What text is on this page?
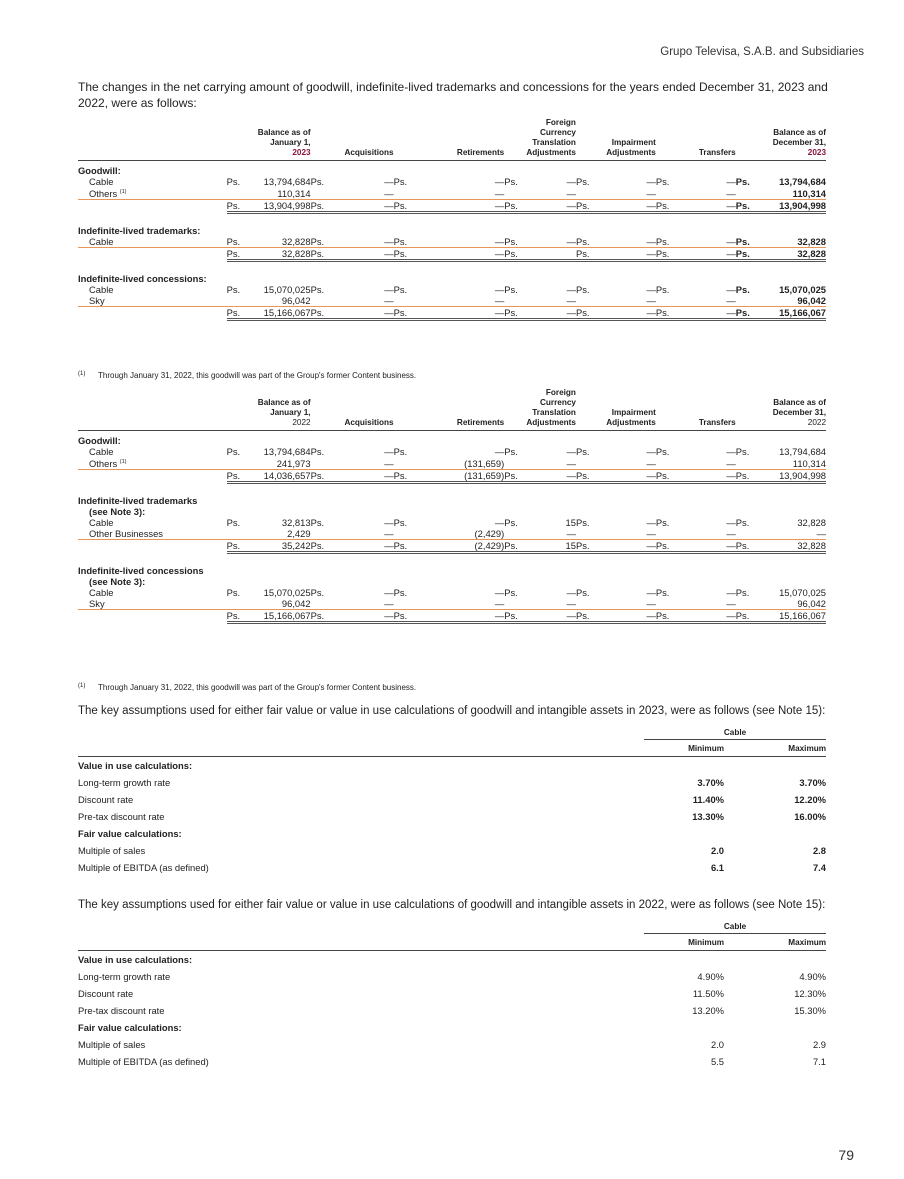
Grupo Televisa, S.A.B. and Subsidiaries
The changes in the net carrying amount of goodwill, indefinite-lived trademarks and concessions for the years ended December 31, 2023 and 2022, were as follows:
	Balance as of
January 1,
2023		Acquisitions		Retirements		Foreign
Currency
Translation
Adjustments		Impairment
Adjustments		Transfers		Balance as of
December 31,
2023	

Goodwill:														
Cable	Ps.	13,794,684	Ps.	—	Ps.	—	Ps.	—	Ps.	—	Ps.	—	Ps.	13,794,684
Others $^{(1)}$		110,314		—		—		—		—		—		110,314
	Ps.	13,904,998	Ps.	—	Ps.	—	Ps.	—	Ps.	—	Ps.	—	Ps.	13,904,998

Indefinite-lived trademarks:														
Cable	Ps.	32,828	Ps.	—	Ps.	—	Ps.	—	Ps.	—	Ps.	—	Ps.	32,828
	Ps.	32,828	Ps.	—	Ps.	—	Ps.		Ps.	—	Ps.	—	Ps.	32,828

Indefinite-lived concessions:														
Cable	Ps.	15,070,025	Ps.	—	Ps.	—	Ps.	—	Ps.	—	Ps.	—	Ps.	15,070,025
Sky		96,042		—		—		—		—		—		96,042
	Ps.	15,166,067	Ps.	—	Ps.	—	Ps.	—	Ps.	—	Ps.	—	Ps.	15,166,067
$^{(1)}$ Through January 31, 2022, this goodwill was part of the Group's former Content business.
	Balance as of
January 1,
2022		Acquisitions		Retirements		Foreign
Currency
Translation
Adjustments		Impairment
Adjustments		Transfers		Balance as of
December 31,
2022	

Goodwill:														
Cable	Ps.	13,794,684	Ps.	—	Ps.	—	Ps.	—	Ps.	—	Ps.	—	Ps.	13,794,684
Others $^{(1)}$		241,973		—		(131,659)		—		—		—		110,314
	Ps.	14,036,657	Ps.	—	Ps.	(131,659)	Ps.	—	Ps.	—	Ps.	—	Ps.	13,904,998

Indefinite-lived trademarks														
(see Note 3):														
Cable	Ps.	32,813	Ps.	—	Ps.	—	Ps.	15	Ps.	—	Ps.	—	Ps.	32,828
Other Businesses		2,429		—		(2,429)		—		—		—		—
	Ps.	35,242	Ps.	—	Ps.	(2,429)	Ps.	15	Ps.	—	Ps.	—	Ps.	32,828

Indefinite-lived concessions														
(see Note 3):														
Cable	Ps.	15,070,025	Ps.	—	Ps.	—	Ps.	—	Ps.	—	Ps.	—	Ps.	15,070,025
Sky		96,042		—		—		—		—		—		96,042
	Ps.	15,166,067	Ps.	—	Ps.	—	Ps.	—	Ps.	—	Ps.	—	Ps.	15,166,067
$^{(1)}$ Through January 31, 2022, this goodwill was part of the Group's former Content business.
The key assumptions used for either fair value or value in use calculations of goodwill and intangible assets in 2023, were as follows (see Note 15):
	Cable	
	Minimum	Maximum
Value in use calculations:		
Long-term growth rate	3.70%	3.70%
Discount rate	11.40%	12.20%
Pre-tax discount rate	13.30%	16.00%
Fair value calculations:		
Multiple of sales	2.0	2.8
Multiple of EBITDA (as defined)	6.1	7.4
The key assumptions used for either fair value or value in use calculations of goodwill and intangible assets in 2022, were as follows (see Note 15):
	Cable	
	Minimum	Maximum
Value in use calculations:		
Long-term growth rate	4.90%	4.90%
Discount rate	11.50%	12.30%
Pre-tax discount rate	13.20%	15.30%
Fair value calculations:		
Multiple of sales	2.0	2.9
Multiple of EBITDA (as defined)	5.5	7.1
79
